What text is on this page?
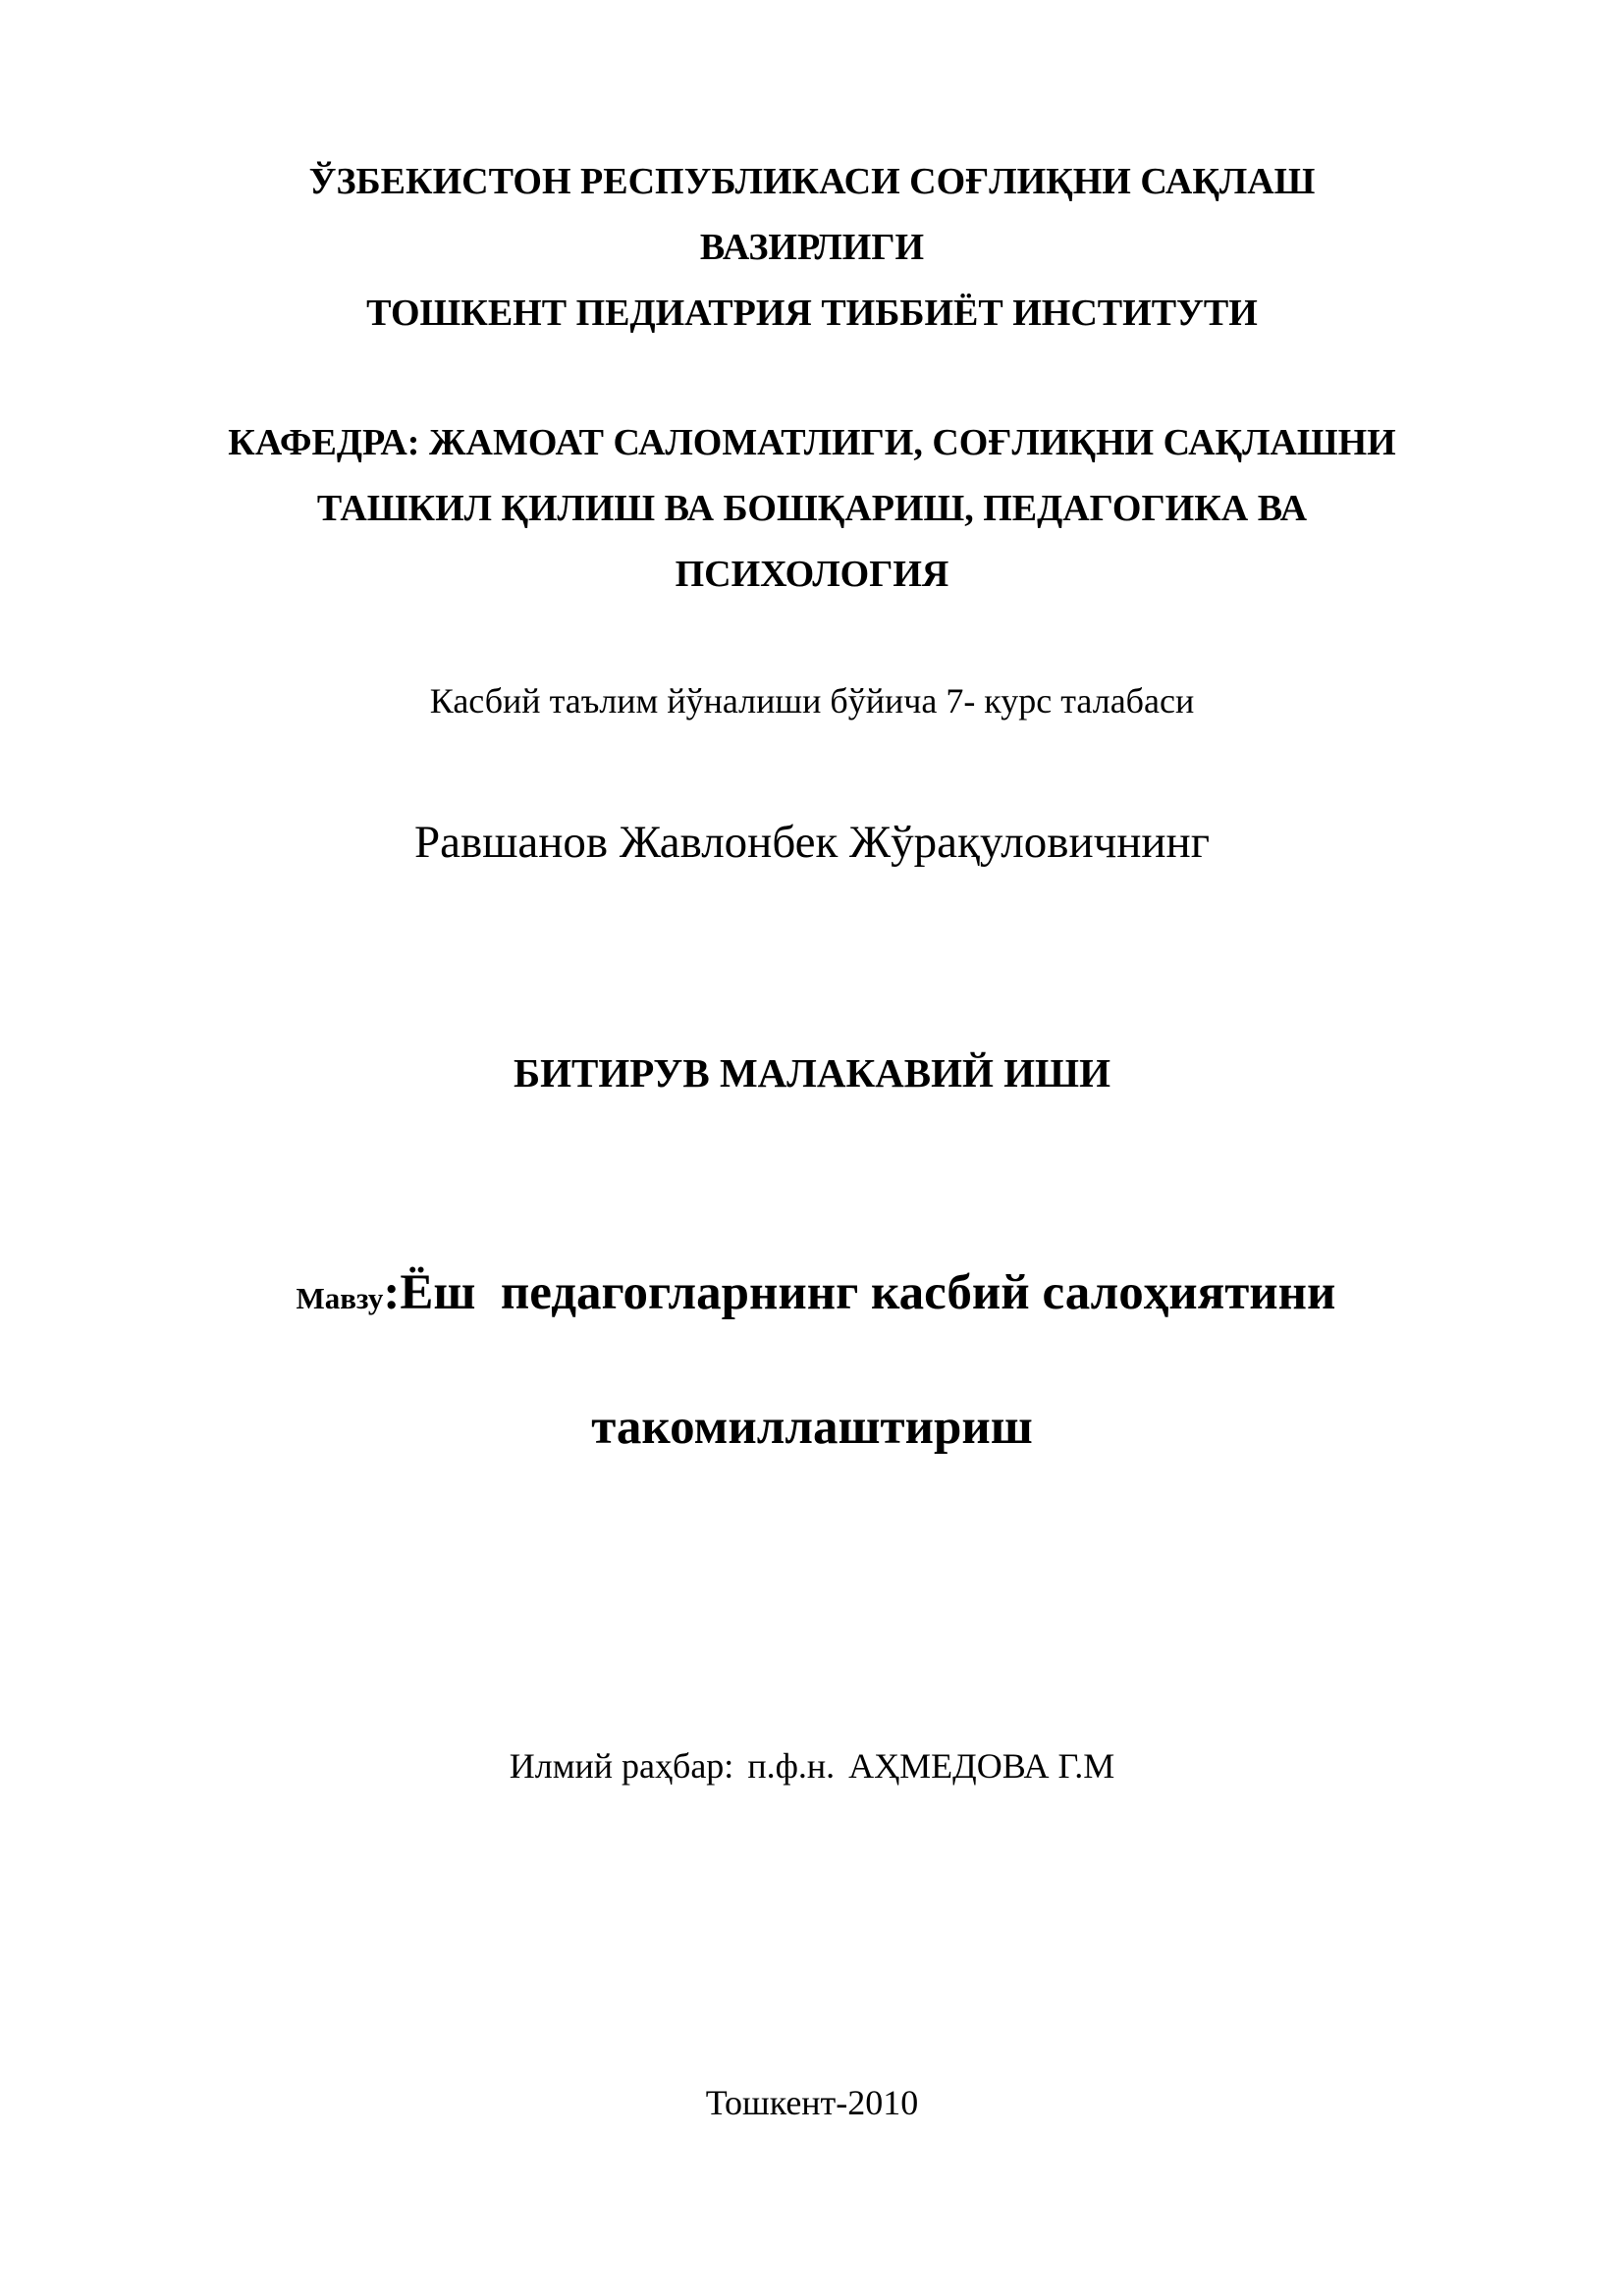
ЎЗБЕКИСТОН РЕСПУБЛИКАСИ СОҒЛИҚНИ САҚЛАШ
ВАЗИРЛИГИ
ТОШКЕНТ ПЕДИАТРИЯ ТИББИЁТ ИНСТИТУТИ
КАФЕДРА: ЖАМОАТ САЛОМАТЛИГИ, СОҒЛИҚНИ САҚЛАШНИ
ТАШКИЛ ҚИЛИШ ВА БОШҚАРИШ, ПЕДАГОГИКА ВА
ПСИХОЛОГИЯ
Касбий таълим йўналиши бўйича 7- курс талабаси
Равшанов Жавлонбек Жўрақуловичнинг
БИТИРУВ МАЛАКАВИЙ ИШИ
Мавзу:Ёш  педагогларнинг касбий салоҳиятини
такомиллаштириш
Илмий раҳбар: п.ф.н. АҲМЕДОВА Г.М
Тошкент-2010
